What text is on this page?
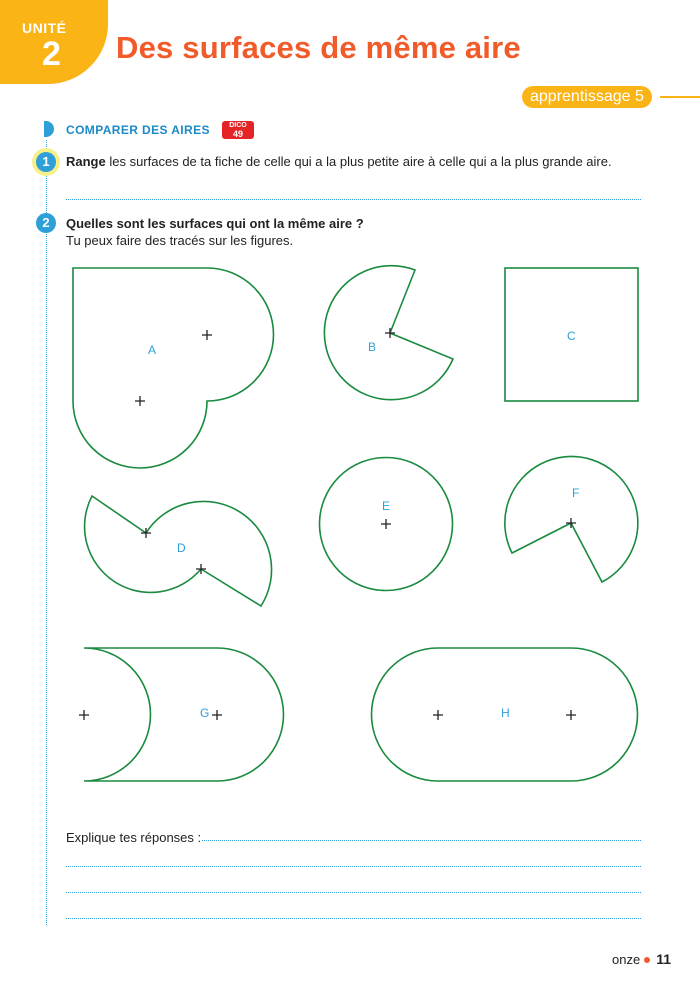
UNITÉ
2 Des surfaces de même aire
apprentissage 5
COMPARER DES AIRES	DICO
49
1	Range les surfaces de ta fiche de celle qui a la plus petite aire à celle qui a la plus grande aire.
2	Quelles sont les surfaces qui ont la même aire ?
Tu peux faire des tracés sur les figures.
A	B
C
D
E
F
G	H
Explique tes réponses :
onze 11
